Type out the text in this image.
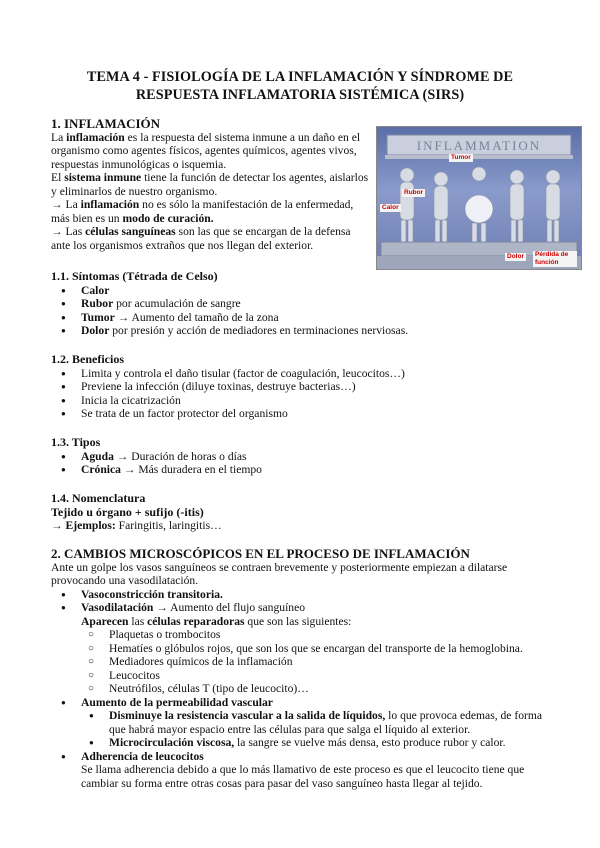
TEMA 4 - FISIOLOGÍA DE LA INFLAMACIÓN Y SÍNDROME DE
RESPUESTA INFLAMATORIA SISTÉMICA (SIRS)
1. INFLAMACIÓN
La inflamación es la respuesta del sistema inmune a un daño en el organismo como agentes físicos, agentes químicos, agentes vivos, respuestas inmunológicas o isquemia.
El sistema inmune tiene la función de detectar los agentes, aislarlos y eliminarlos de nuestro organismo.
→ La inflamación no es sólo la manifestación de la enfermedad, más bien es un modo de curación.
→ Las células sanguíneas son las que se encargan de la defensa ante los organismos extraños que nos llegan del exterior.
INFLAMMATION
Tumor
Rubor
Calor
Dolor	Pérdida de función
1.1. Síntomas (Tétrada de Celso)
● Calor
● Rubor por acumulación de sangre
● Tumor → Aumento del tamaño de la zona
● Dolor por presión y acción de mediadores en terminaciones nerviosas.
1.2. Beneficios
● Limita y controla el daño tisular (factor de coagulación, leucocitos…)
● Previene la infección (diluye toxinas, destruye bacterias…)
● Inicia la cicatrización
● Se trata de un factor protector del organismo
1.3. Tipos
● Aguda → Duración de horas o días
● Crónica → Más duradera en el tiempo
1.4. Nomenclatura
Tejido u órgano + sufijo (-itis)
→ Ejemplos: Faringitis, laringitis…
2. CAMBIOS MICROSCÓPICOS EN EL PROCESO DE INFLAMACIÓN
Ante un golpe los vasos sanguíneos se contraen brevemente y posteriormente empiezan a dilatarse provocando una vasodilatación.
● Vasoconstricción transitoria.
● Vasodilatación → Aumento del flujo sanguíneo
Aparecen las células reparadoras que son las siguientes:
○ Plaquetas o trombocitos
○ Hematíes o glóbulos rojos, que son los que se encargan del transporte de la hemoglobina.
○ Mediadores químicos de la inflamación
○ Leucocitos
○ Neutrófilos, células T (tipo de leucocito)…
● Aumento de la permeabilidad vascular
● Disminuye la resistencia vascular a la salida de líquidos, lo que provoca edemas, de forma que habrá mayor espacio entre las células para que salga el líquido al exterior.
● Microcirculación viscosa, la sangre se vuelve más densa, esto produce rubor y calor.
● Adherencia de leucocitos
Se llama adherencia debido a que lo más llamativo de este proceso es que el leucocito tiene que cambiar su forma entre otras cosas para pasar del vaso sanguíneo hasta llegar al tejido.
